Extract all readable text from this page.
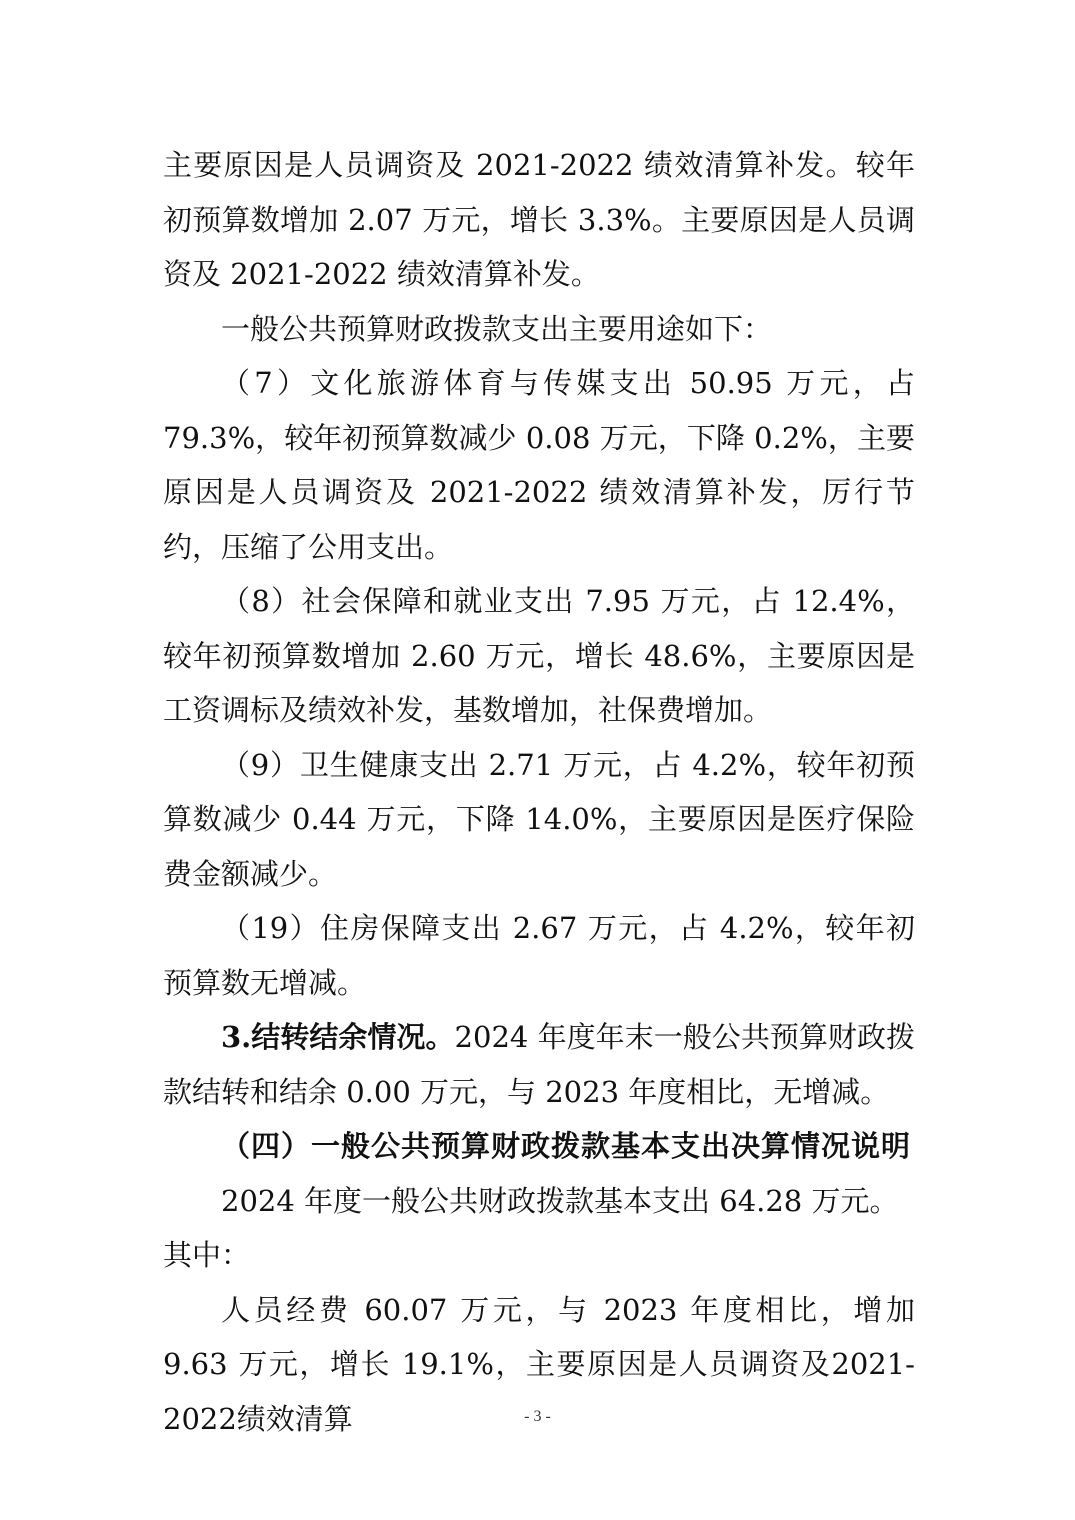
主要原因是人员调资及 2021-2022 绩效清算补发。较年初预算数增加 2.07 万元，增长 3.3%。主要原因是人员调资及 2021-2022 绩效清算补发。

一般公共预算财政拨款支出主要用途如下：

（7）文化旅游体育与传媒支出 50.95 万元，占 79.3%，较年初预算数减少 0.08 万元，下降 0.2%，主要原因是人员调资及 2021-2022 绩效清算补发，厉行节约，压缩了公用支出。

（8）社会保障和就业支出 7.95 万元，占 12.4%，较年初预算数增加 2.60 万元，增长 48.6%，主要原因是工资调标及绩效补发，基数增加，社保费增加。

（9）卫生健康支出 2.71 万元，占 4.2%，较年初预算数减少 0.44 万元，下降 14.0%，主要原因是医疗保险费金额减少。

（19）住房保障支出 2.67 万元，占 4.2%，较年初预算数无增减。

3.结转结余情况。2024 年度年末一般公共预算财政拨款结转和结余 0.00 万元，与 2023 年度相比，无增减。

（四）一般公共预算财政拨款基本支出决算情况说明

2024 年度一般公共财政拨款基本支出 64.28 万元。

其中：

人员经费 60.07 万元，与 2023 年度相比，增加 9.63 万元，增长 19.1%，主要原因是人员调资及2021-2022绩效清算	- 3 -
